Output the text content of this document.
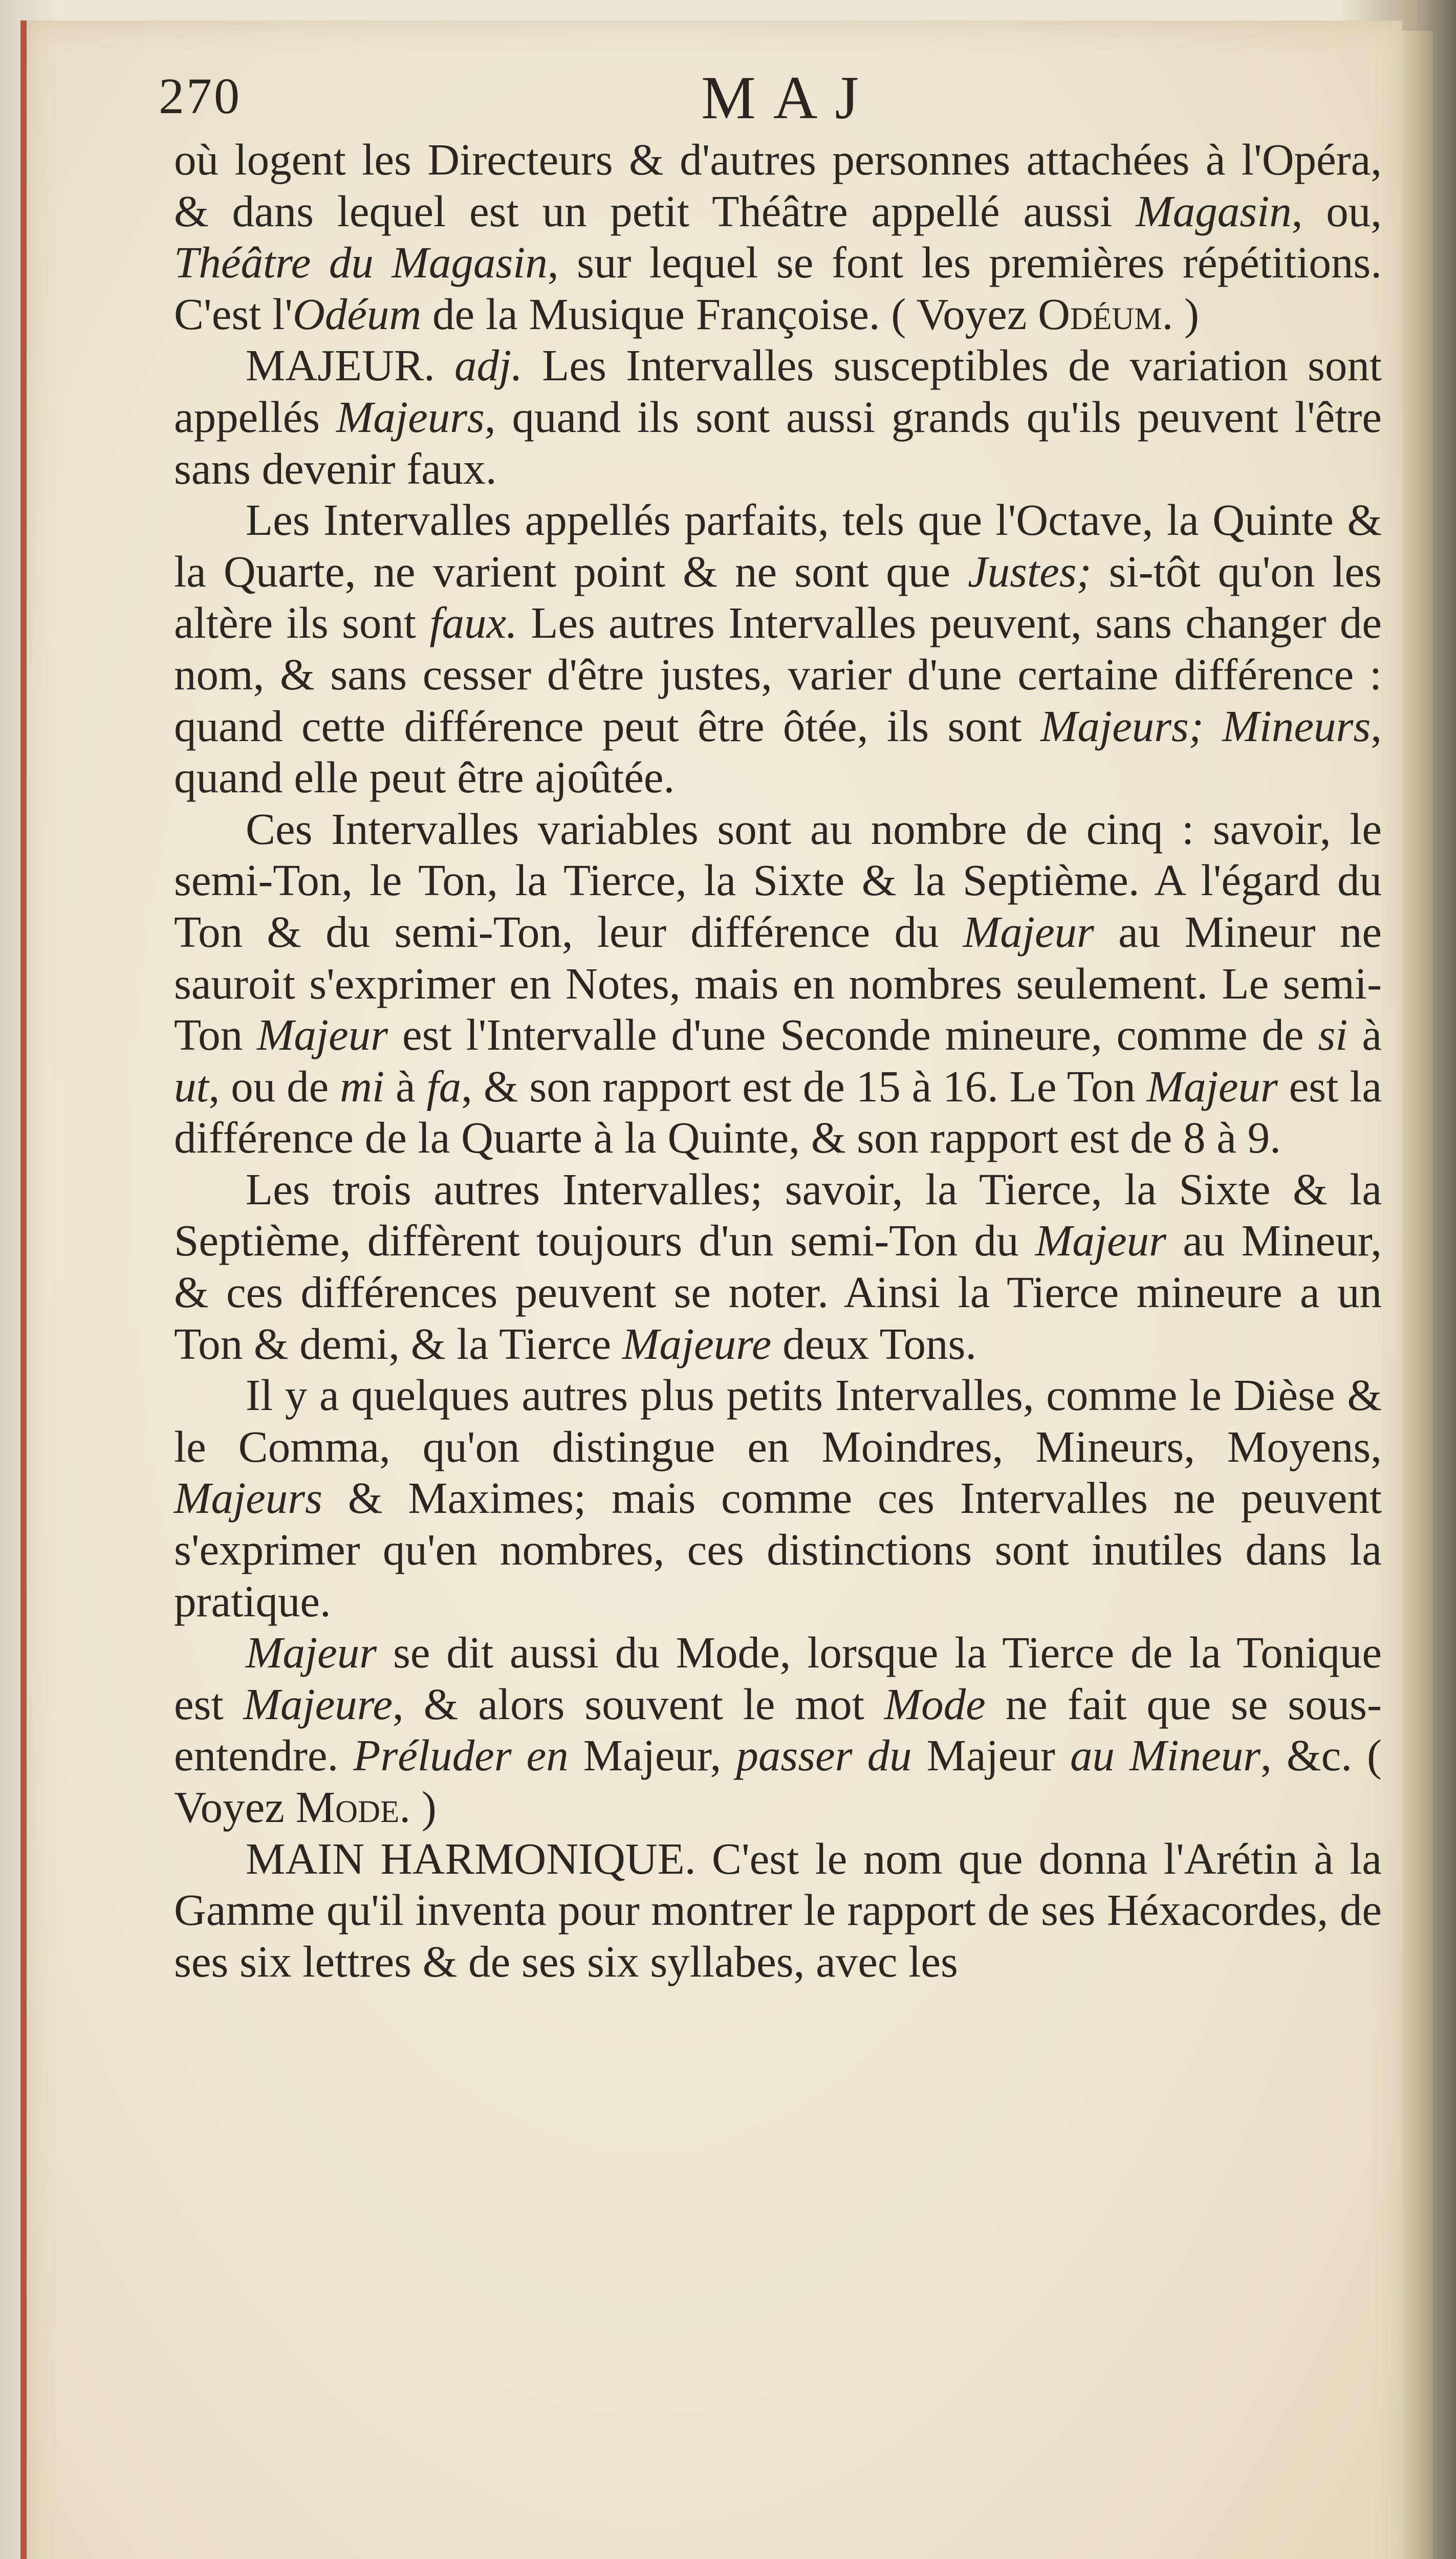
270	MAJ

où logent les Directeurs & d'autres personnes attachées à l'Opéra, & dans lequel est un petit Théâtre appellé aussi Magasin, ou, Théâtre du Magasin, sur lequel se font les premières répétitions. C'est l'Odéum de la Musique Françoise. ( Voyez Odéum. )

MAJEUR. adj. Les Intervalles susceptibles de variation sont appellés Majeurs, quand ils sont aussi grands qu'ils peuvent l'être sans devenir faux.

Les Intervalles appellés parfaits, tels que l'Octave, la Quinte & la Quarte, ne varient point & ne sont que Justes; si-tôt qu'on les altère ils sont faux. Les autres Intervalles peuvent, sans changer de nom, & sans cesser d'être justes, varier d'une certaine différence : quand cette différence peut être ôtée, ils sont Majeurs; Mineurs, quand elle peut être ajoûtée.

Ces Intervalles variables sont au nombre de cinq : savoir, le semi-Ton, le Ton, la Tierce, la Sixte & la Septième. A l'égard du Ton & du semi-Ton, leur différence du Majeur au Mineur ne sauroit s'exprimer en Notes, mais en nombres seulement. Le semi-Ton Majeur est l'Intervalle d'une Seconde mineure, comme de si à ut, ou de mi à fa, & son rapport est de 15 à 16. Le Ton Majeur est la différence de la Quarte à la Quinte, & son rapport est de 8 à 9.

Les trois autres Intervalles; savoir, la Tierce, la Sixte & la Septième, diffèrent toujours d'un semi-Ton du Majeur au Mineur, & ces différences peuvent se noter. Ainsi la Tierce mineure a un Ton & demi, & la Tierce Majeure deux Tons.

Il y a quelques autres plus petits Intervalles, comme le Dièse & le Comma, qu'on distingue en Moindres, Mineurs, Moyens, Majeurs & Maximes; mais comme ces Intervalles ne peuvent s'exprimer qu'en nombres, ces distinctions sont inutiles dans la pratique.

Majeur se dit aussi du Mode, lorsque la Tierce de la Tonique est Majeure, & alors souvent le mot Mode ne fait que se sous-entendre. Préluder en Majeur, passer du Majeur au Mineur, &c. ( Voyez Mode. )

MAIN HARMONIQUE. C'est le nom que donna l'Arétin à la Gamme qu'il inventa pour montrer le rapport de ses Héxacordes, de ses six lettres & de ses six syllabes, avec les
